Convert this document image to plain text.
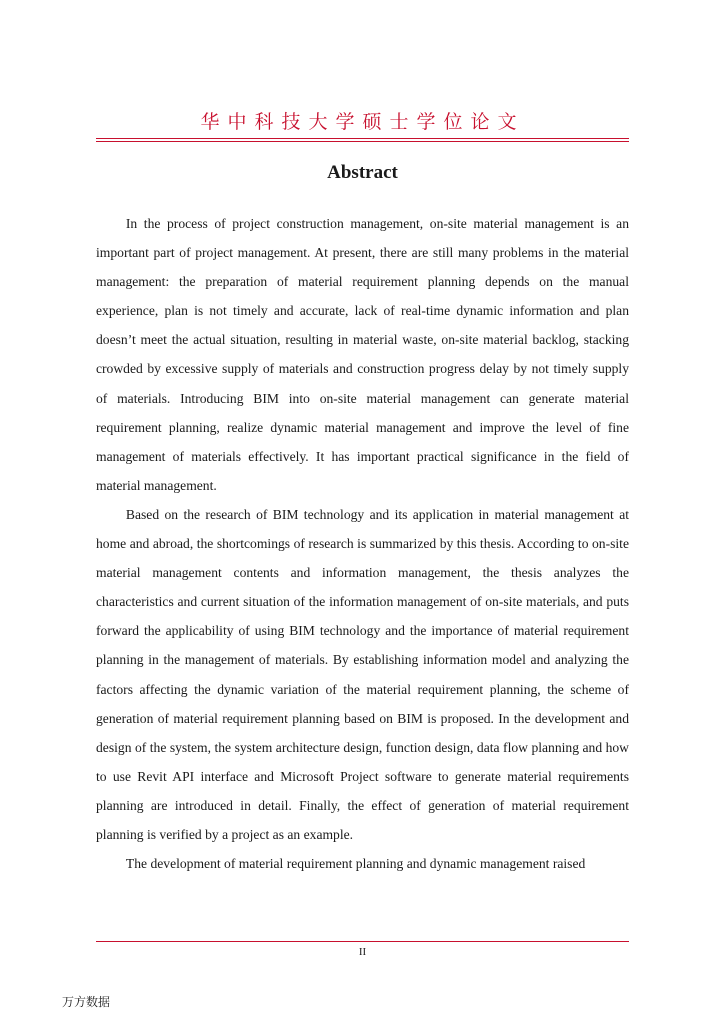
华中科技大学硕士学位论文
Abstract

In the process of project construction management, on-site material management is an important part of project management. At present, there are still many problems in the material management: the preparation of material requirement planning depends on the manual experience, plan is not timely and accurate, lack of real-time dynamic information and plan doesn’t meet the actual situation, resulting in material waste, on-site material backlog, stacking crowded by excessive supply of materials and construction progress delay by not timely supply of materials. Introducing BIM into on-site material management can generate material requirement planning, realize dynamic material management and improve the level of fine management of materials effectively. It has important practical significance in the field of material management.

Based on the research of BIM technology and its application in material management at home and abroad, the shortcomings of research is summarized by this thesis. According to on-site material management contents and information management, the thesis analyzes the characteristics and current situation of the information management of on-site materials, and puts forward the applicability of using BIM technology and the importance of material requirement planning in the management of materials. By establishing information model and analyzing the factors affecting the dynamic variation of the material requirement planning, the scheme of generation of material requirement planning based on BIM is proposed. In the development and design of the system, the system architecture design, function design, data flow planning and how to use Revit API interface and Microsoft Project software to generate material requirements planning are introduced in detail. Finally, the effect of generation of material requirement planning is verified by a project as an example.

The development of material requirement planning and dynamic management raised

II
万方数据
